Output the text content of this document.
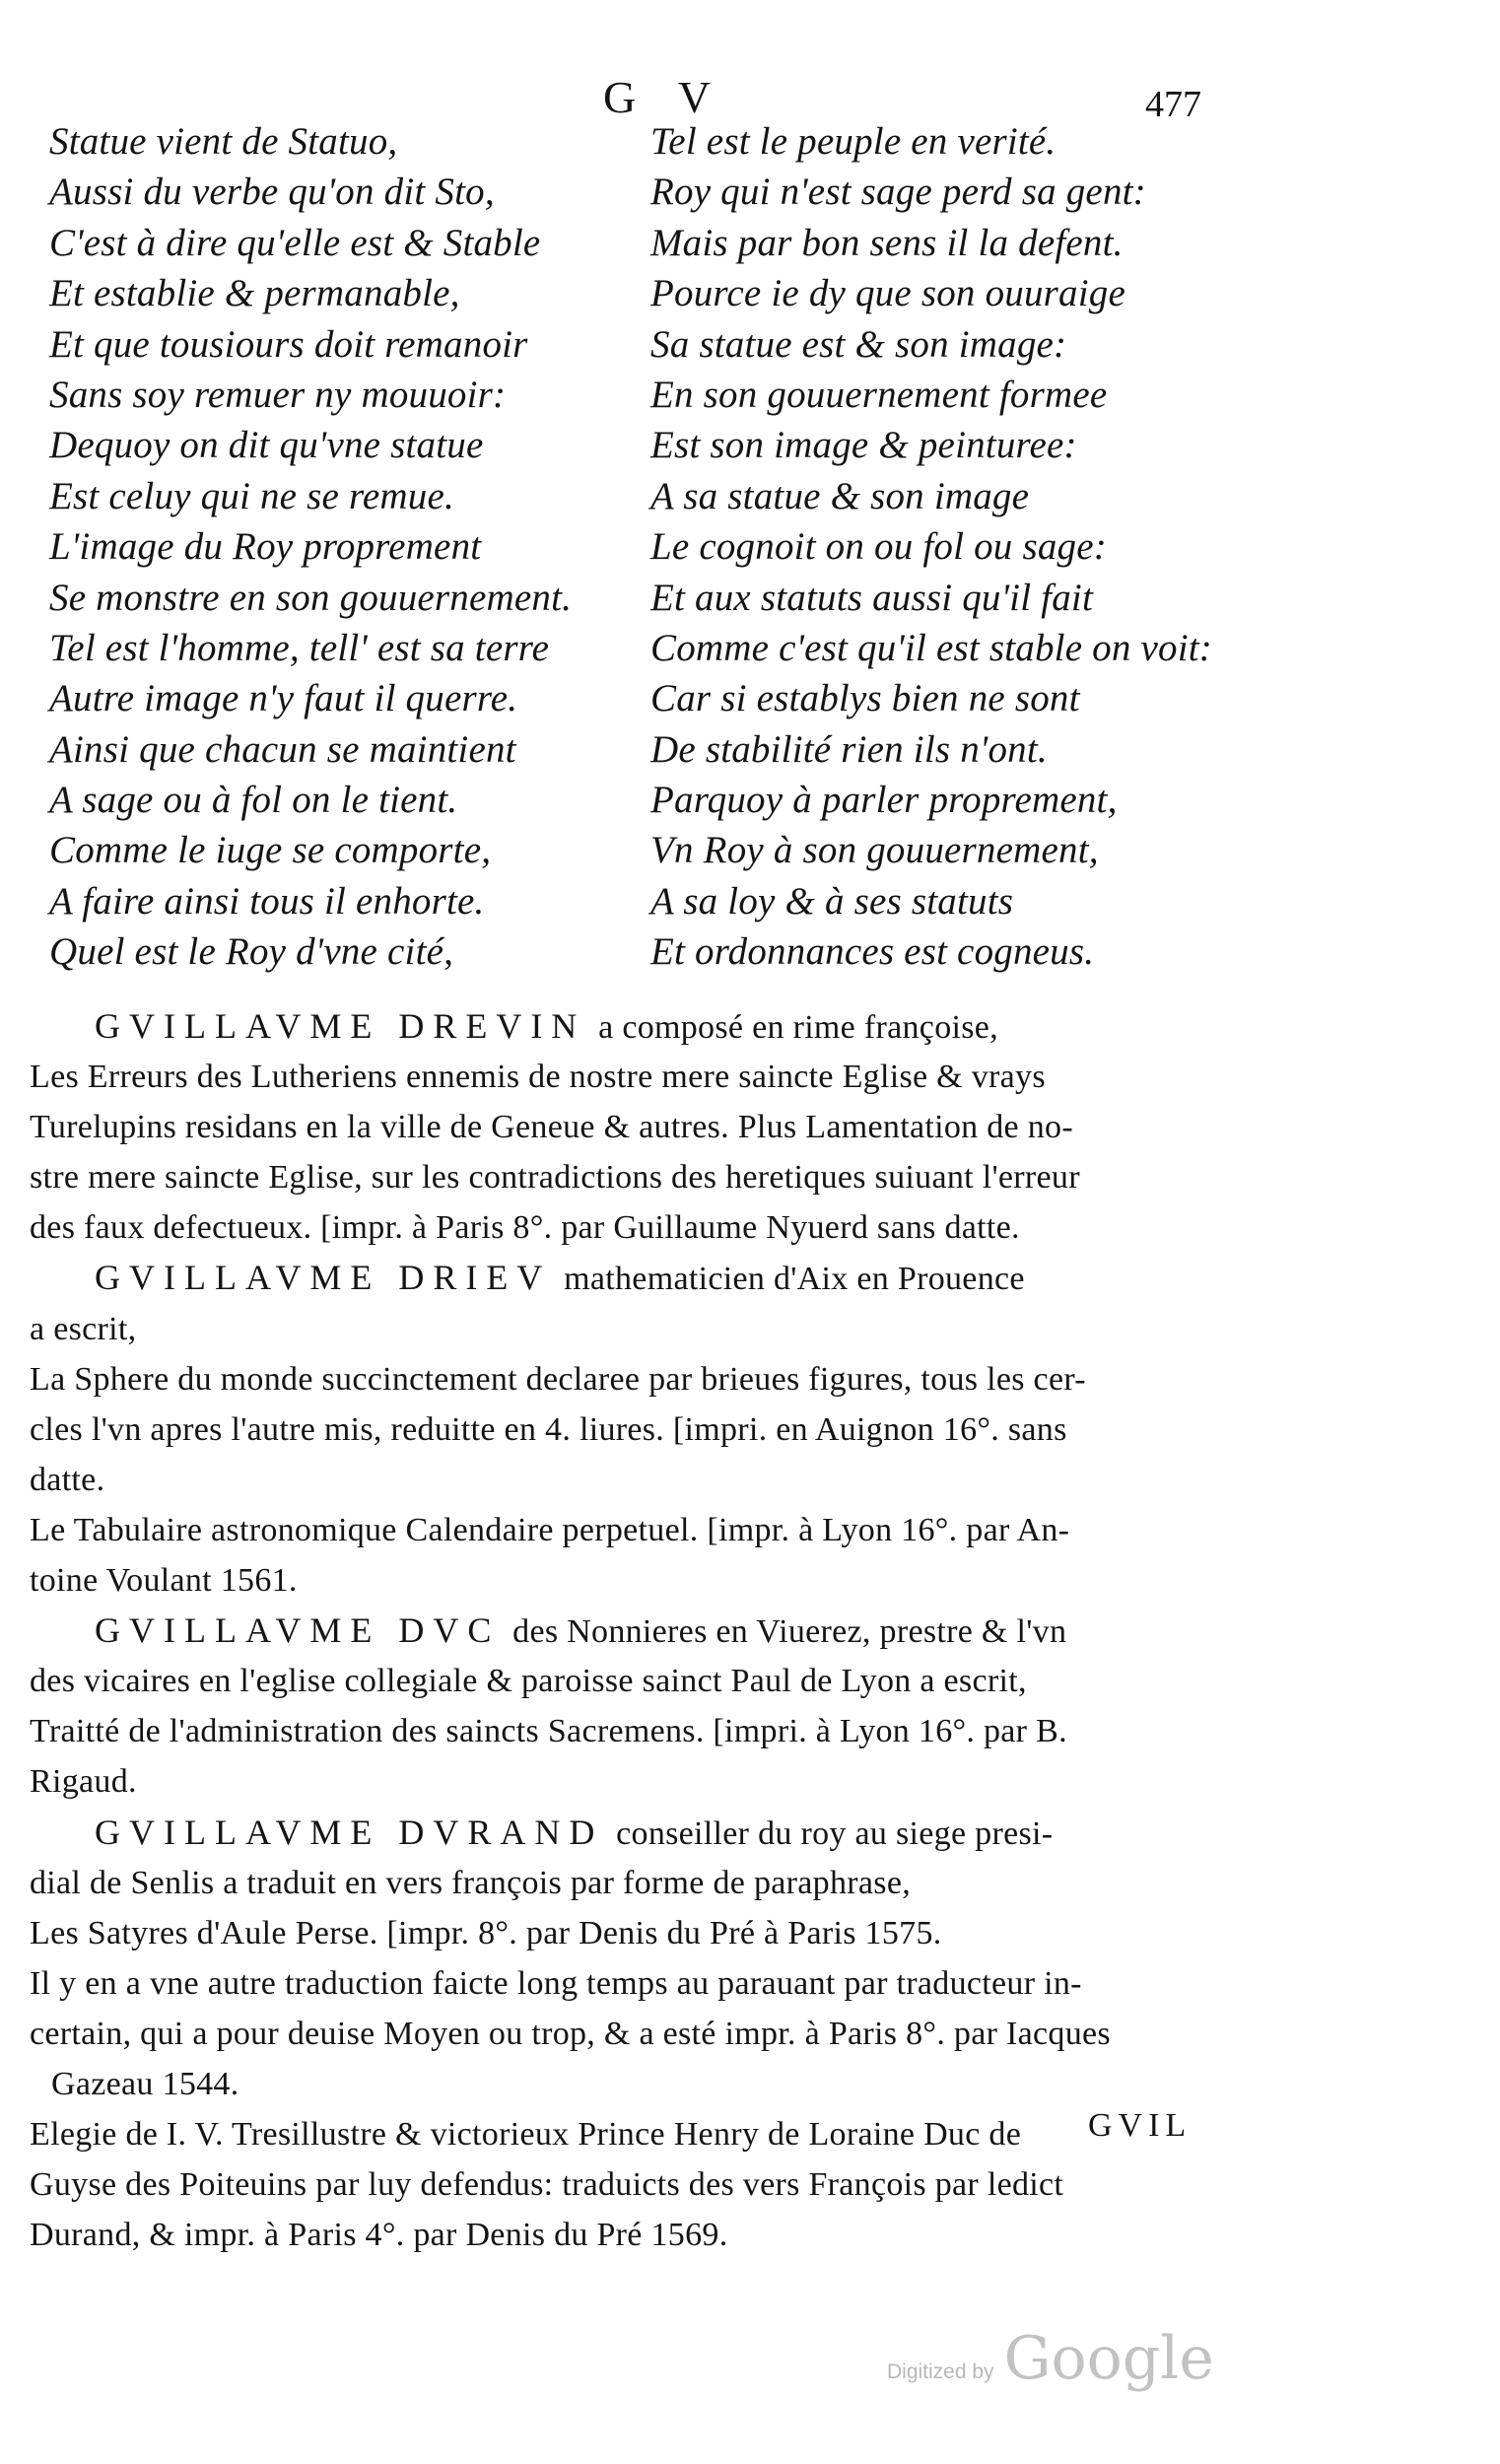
G V	477
Statue vient de Statuo,
Aussi du verbe qu'on dit Sto,
C'est à dire qu'elle est & Stable
Et establie & permanable,
Et que tousiours doit remanoir
Sans soy remuer ny mouuoir:
Dequoy on dit qu'vne statue
Est celuy qui ne se remue.
L'image du Roy proprement
Se monstre en son gouuernement.
Tel est l'homme, tell' est sa terre
Autre image n'y faut il querre.
Ainsi que chacun se maintient
A sage ou à fol on le tient.
Comme le iuge se comporte,
A faire ainsi tous il enhorte.
Quel est le Roy d'vne cité,
Tel est le peuple en verité.
Roy qui n'est sage perd sa gent:
Mais par bon sens il la defent.
Pource ie dy que son ouuraige
Sa statue est & son image:
En son gouuernement formee
Est son image & peinturee:
A sa statue & son image
Le cognoit on ou fol ou sage:
Et aux statuts aussi qu'il fait
Comme c'est qu'il est stable on voit:
Car si establys bien ne sont
De stabilité rien ils n'ont.
Parquoy à parler proprement,
Vn Roy à son gouuernement,
A sa loy & à ses statuts
Et ordonnances est cogneus.
GVILLAVME DREVIN a composé en rime françoise,
Les Erreurs des Lutheriens ennemis de nostre mere saincte Eglise & vrays
Turelupins residans en la ville de Geneue & autres. Plus Lamentation de no-
stre mere saincte Eglise, sur les contradictions des heretiques suiuant l'erreur
des faux defectueux. [impr. à Paris 8°. par Guillaume Nyuerd sans datte.
GVILLAVME DRIEV mathematicien d'Aix en Prouence
a escrit,
La Sphere du monde succinctement declaree par brieues figures, tous les cer-
cles l'vn apres l'autre mis, reduitte en 4. liures. [impri. en Auignon 16°. sans
datte.
Le Tabulaire astronomique Calendaire perpetuel. [impr. à Lyon 16°. par An-
toine Voulant 1561.
GVILLAVME DVC des Nonnieres en Viuerez, prestre & l'vn
des vicaires en l'eglise collegiale & paroisse sainct Paul de Lyon a escrit,
Traitté de l'administration des saincts Sacremens. [impri. à Lyon 16°. par B.
Rigaud.
GVILLAVME DVRAND conseiller du roy au siege presi-
dial de Senlis a traduit en vers françois par forme de paraphrase,
Les Satyres d'Aule Perse. [impr. 8°. par Denis du Pré à Paris 1575.
Il y en a vne autre traduction faicte long temps au parauant par traducteur in-
certain, qui a pour deuise Moyen ou trop, & a esté impr. à Paris 8°. par Iacques
Gazeau 1544.
Elegie de I. V. Tresillustre & victorieux Prince Henry de Loraine Duc de
Guyse des Poiteuins par luy defendus: traduicts des vers François par ledict
Durand, & impr. à Paris 4°. par Denis du Pré 1569.
GVIL
Digitized by Google
